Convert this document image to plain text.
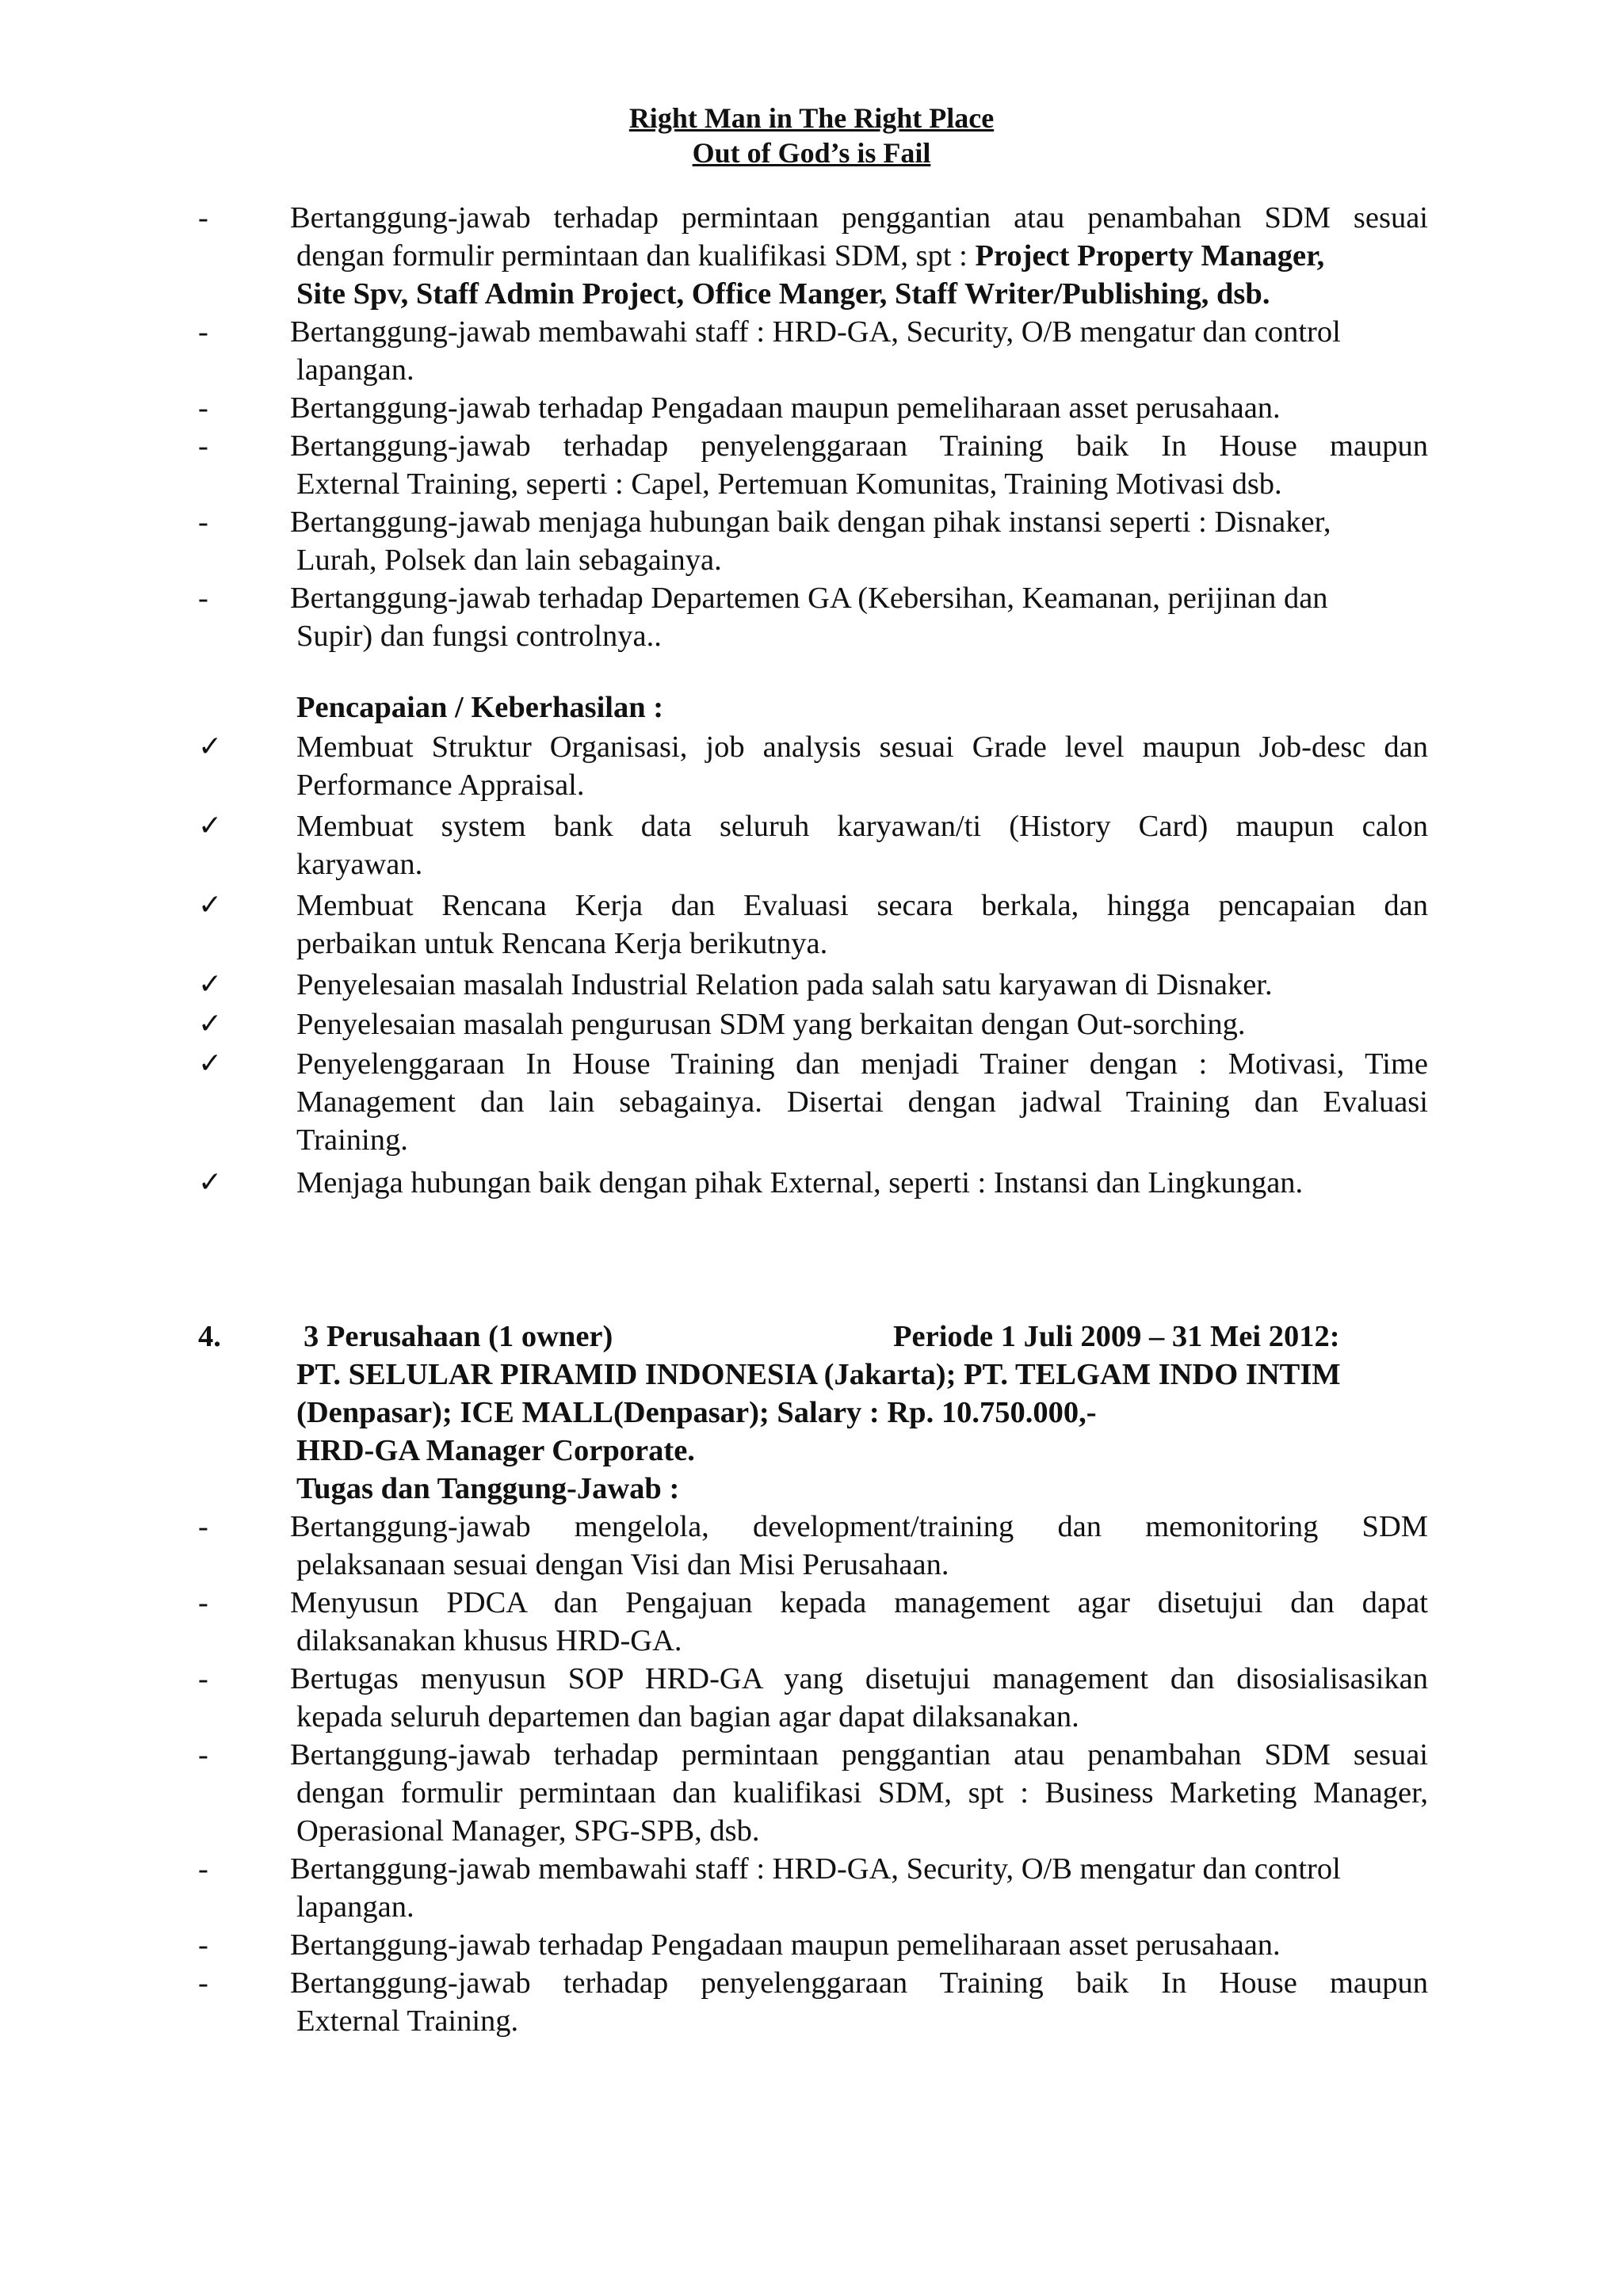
Right Man in The Right Place
Out of God’s is Fail
-	Bertanggung-jawab terhadap permintaan penggantian atau penambahan SDM sesuai
dengan formulir permintaan dan kualifikasi SDM, spt : Project Property Manager,
Site Spv, Staff Admin Project, Office Manger, Staff Writer/Publishing, dsb.
-	Bertanggung-jawab membawahi staff : HRD-GA, Security, O/B mengatur dan control
lapangan.
-	Bertanggung-jawab terhadap Pengadaan maupun pemeliharaan asset perusahaan.
-	Bertanggung-jawab terhadap penyelenggaraan Training baik In House maupun
External Training, seperti : Capel, Pertemuan Komunitas, Training Motivasi dsb.
-	Bertanggung-jawab menjaga hubungan baik dengan pihak instansi seperti : Disnaker,
Lurah, Polsek dan lain sebagainya.
-	Bertanggung-jawab terhadap Departemen GA (Kebersihan, Keamanan, perijinan dan
Supir) dan fungsi controlnya..
Pencapaian / Keberhasilan :
✓ Membuat Struktur Organisasi, job analysis sesuai Grade level maupun Job-desc dan
Performance Appraisal.
✓ Membuat system bank data seluruh karyawan/ti (History Card) maupun calon
karyawan.
✓ Membuat Rencana Kerja dan Evaluasi secara berkala, hingga pencapaian dan
perbaikan untuk Rencana Kerja berikutnya.
✓ Penyelesaian masalah Industrial Relation pada salah satu karyawan di Disnaker.
✓ Penyelesaian masalah pengurusan SDM yang berkaitan dengan Out-sorching.
✓ Penyelenggaraan In House Training dan menjadi Trainer dengan : Motivasi, Time
Management dan lain sebagainya. Disertai dengan jadwal Training dan Evaluasi
Training.
✓ Menjaga hubungan baik dengan pihak External, seperti : Instansi dan Lingkungan.
4.	3 Perusahaan (1 owner)	Periode 1 Juli 2009 – 31 Mei 2012:
PT. SELULAR PIRAMID INDONESIA (Jakarta); PT. TELGAM INDO INTIM
(Denpasar); ICE MALL(Denpasar); Salary : Rp. 10.750.000,-
HRD-GA Manager Corporate.
Tugas dan Tanggung-Jawab :
-	Bertanggung-jawab mengelola, development/training dan memonitoring SDM
pelaksanaan sesuai dengan Visi dan Misi Perusahaan.
-	Menyusun PDCA dan Pengajuan kepada management agar disetujui dan dapat
dilaksanakan khusus HRD-GA.
-	Bertugas menyusun SOP HRD-GA yang disetujui management dan disosialisasikan
kepada seluruh departemen dan bagian agar dapat dilaksanakan.
-	Bertanggung-jawab terhadap permintaan penggantian atau penambahan SDM sesuai
dengan formulir permintaan dan kualifikasi SDM, spt : Business Marketing Manager,
Operasional Manager, SPG-SPB, dsb.
-	Bertanggung-jawab membawahi staff : HRD-GA, Security, O/B mengatur dan control
lapangan.
-	Bertanggung-jawab terhadap Pengadaan maupun pemeliharaan asset perusahaan.
-	Bertanggung-jawab terhadap penyelenggaraan Training baik In House maupun
External Training.
